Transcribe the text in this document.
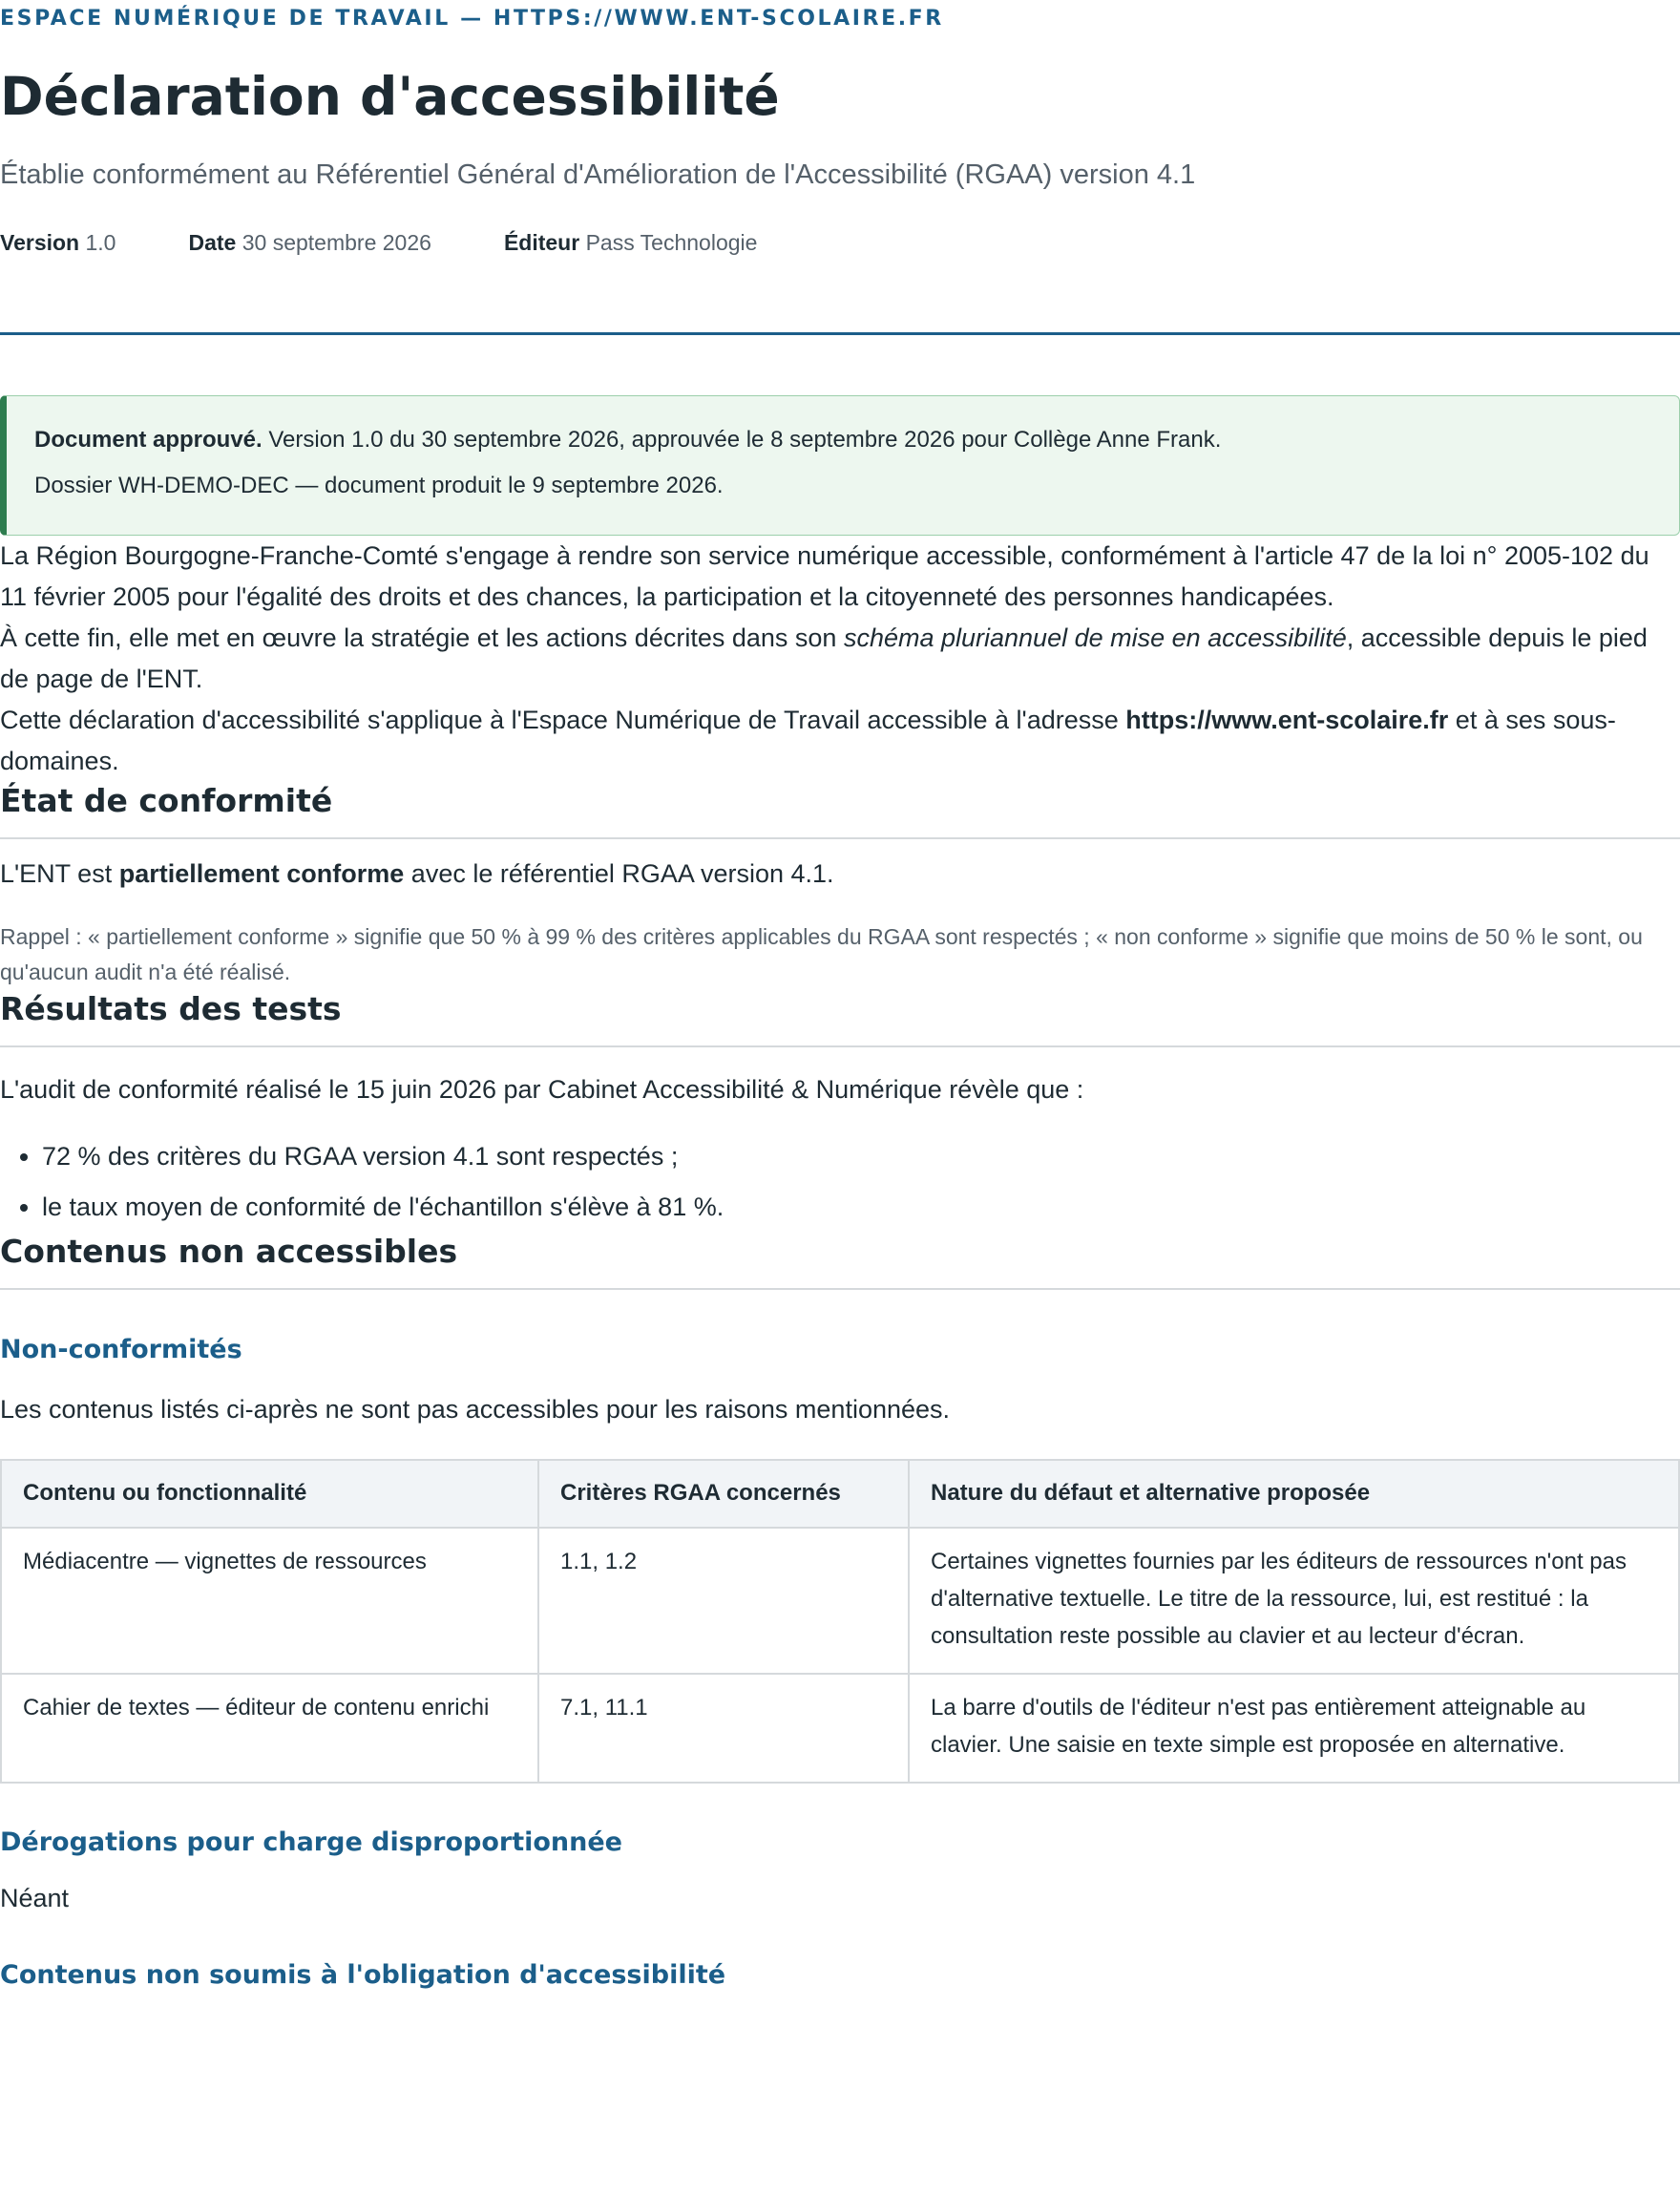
ESPACE NUMÉRIQUE DE TRAVAIL — HTTPS://WWW.ENT-SCOLAIRE.FR
Déclaration d'accessibilité
Établie conformément au Référentiel Général d'Amélioration de l'Accessibilité (RGAA) version 4.1
Version 1.0	Date 30 septembre 2026	Éditeur Pass Technologie
Document approuvé. Version 1.0 du 30 septembre 2026, approuvée le 8 septembre 2026 pour Collège Anne Frank.
Dossier WH-DEMO-DEC — document produit le 9 septembre 2026.

La Région Bourgogne-Franche-Comté s'engage à rendre son service numérique accessible, conformément à l'article 47 de la loi n° 2005-102 du 11 février 2005 pour l'égalité des droits et des chances, la participation et la citoyenneté des personnes handicapées.

À cette fin, elle met en œuvre la stratégie et les actions décrites dans son schéma pluriannuel de mise en accessibilité, accessible depuis le pied de page de l'ENT.

Cette déclaration d'accessibilité s'applique à l'Espace Numérique de Travail accessible à l'adresse https://www.ent-scolaire.fr et à ses sous-domaines.

État de conformité

L'ENT est partiellement conforme avec le référentiel RGAA version 4.1.

Rappel : « partiellement conforme » signifie que 50 % à 99 % des critères applicables du RGAA sont respectés ; « non conforme » signifie que moins de 50 % le sont, ou qu'aucun audit n'a été réalisé.
Résultats des tests

L'audit de conformité réalisé le 15 juin 2026 par Cabinet Accessibilité & Numérique révèle que :

• 72 % des critères du RGAA version 4.1 sont respectés ;
• le taux moyen de conformité de l'échantillon s'élève à 81 %.
Contenus non accessibles
Non-conformités

Les contenus listés ci-après ne sont pas accessibles pour les raisons mentionnées.

Contenu ou fonctionnalité	Critères RGAA concernés	Nature du défaut et alternative proposée
Médiacentre — vignettes de ressources	1.1, 1.2	Certaines vignettes fournies par les éditeurs de ressources n'ont pas d'alternative textuelle. Le titre de la ressource, lui, est restitué : la consultation reste possible au clavier et au lecteur d'écran.
Cahier de textes — éditeur de contenu enrichi	7.1, 11.1	La barre d'outils de l'éditeur n'est pas entièrement atteignable au clavier. Une saisie en texte simple est proposée en alternative.
Dérogations pour charge disproportionnée

Néant

Contenus non soumis à l'obligation d'accessibilité
